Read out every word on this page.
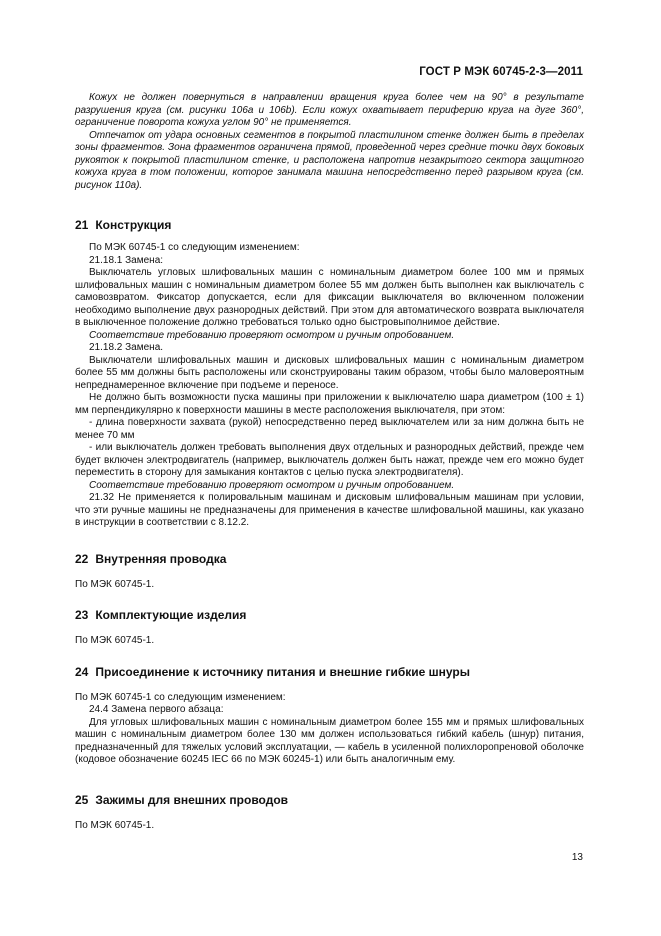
ГОСТ Р МЭК 60745-2-3—2011

Кожух не должен повернуться в направлении вращения круга более чем на 90° в результате разрушения круга (см. рисунки 106а и 106b). Если кожух охватывает периферию круга на дуге 360°, ограничение поворота кожуха углом 90° не применяется.

Отпечаток от удара основных сегментов в покрытой пластилином стенке должен быть в пределах зоны фрагментов. Зона фрагментов ограничена прямой, проведенной через средние точки двух боковых рукояток к покрытой пластилином стенке, и расположена напротив незакрытого сектора защитного кожуха круга в том положении, которое занимала машина непосредственно перед разрывом круга (см. рисунок 110а).

21 Конструкция

По МЭК 60745-1 со следующим изменением:

21.18.1 Замена:

Выключатель угловых шлифовальных машин с номинальным диаметром более 100 мм и прямых шлифовальных машин с номинальным диаметром более 55 мм должен быть выполнен как выключатель с самовозвратом. Фиксатор допускается, если для фиксации выключателя во включенном положении необходимо выполнение двух разнородных действий. При этом для автоматического возврата выключателя в выключенное положение должно требоваться только одно быстровыполнимое действие.

Соответствие требованию проверяют осмотром и ручным опробованием.

21.18.2 Замена.

Выключатели шлифовальных машин и дисковых шлифовальных машин с номинальным диаметром более 55 мм должны быть расположены или сконструированы таким образом, чтобы было маловероятным непреднамеренное включение при подъеме и переносе.

Не должно быть возможности пуска машины при приложении к выключателю шара диаметром (100 ± 1) мм перпендикулярно к поверхности машины в месте расположения выключателя, при этом:

- длина поверхности захвата (рукой) непосредственно перед выключателем или за ним должна быть не менее 70 мм

- или выключатель должен требовать выполнения двух отдельных и разнородных действий, прежде чем будет включен электродвигатель (например, выключатель должен быть нажат, прежде чем его можно будет переместить в сторону для замыкания контактов с целью пуска электродвигателя).

Соответствие требованию проверяют осмотром и ручным опробованием.

21.32 Не применяется к полировальным машинам и дисковым шлифовальным машинам при условии, что эти ручные машины не предназначены для применения в качестве шлифовальной машины, как указано в инструкции в соответствии с 8.12.2.

22 Внутренняя проводка

По МЭК 60745-1.

23 Комплектующие изделия

По МЭК 60745-1.

24 Присоединение к источнику питания и внешние гибкие шнуры

По МЭК 60745-1 со следующим изменением:

24.4 Замена первого абзаца:

Для угловых шлифовальных машин с номинальным диаметром более 155 мм и прямых шлифовальных машин с номинальным диаметром более 130 мм должен использоваться гибкий кабель (шнур) питания, предназначенный для тяжелых условий эксплуатации, — кабель в усиленной полихлоропреновой оболочке (кодовое обозначение 60245 IEC 66 по МЭК 60245-1) или быть аналогичным ему.

25 Зажимы для внешних проводов

По МЭК 60745-1.

13
